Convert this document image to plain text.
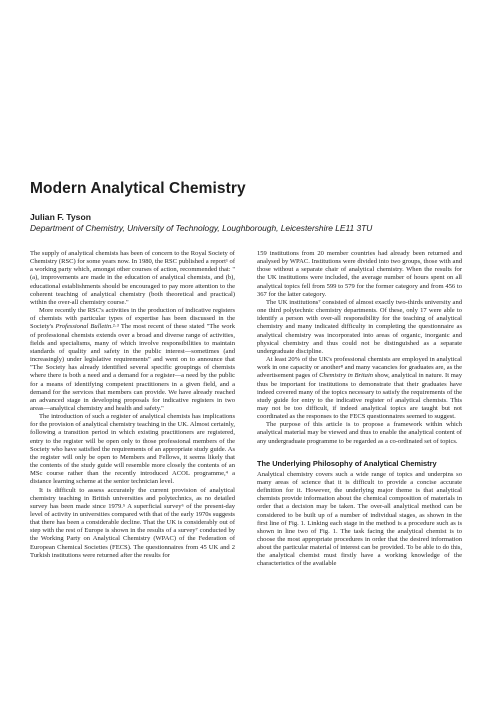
Modern Analytical Chemistry
Julian F. Tyson
Department of Chemistry, University of Technology, Loughborough, Leicestershire LE11 3TU

The supply of analytical chemists has been of concern to the Royal Society of Chemistry (RSC) for some years now. In 1980, the RSC published a report¹ of a working party which, amongst other courses of action, recommended that: "(a), improvements are made in the education of analytical chemists, and (b), educational establishments should be encouraged to pay more attention to the coherent teaching of analytical chemistry (both theoretical and practical) within the over-all chemistry course."

More recently the RSC's activities in the production of indicative registers of chemists with particular types of expertise has been discussed in the Society's Professional Bulletin.²·³ The most recent of these stated "The work of professional chemists extends over a broad and diverse range of activities, fields and specialisms, many of which involve responsibilities to maintain standards of quality and safety in the public interest—sometimes (and increasingly) under legislative requirements" and went on to announce that "The Society has already identified several specific groupings of chemists where there is both a need and a demand for a register—a need by the public for a means of identifying competent practitioners in a given field, and a demand for the services that members can provide. We have already reached an advanced stage in developing proposals for indicative registers in two areas—analytical chemistry and health and safety."

The introduction of such a register of analytical chemists has implications for the provision of analytical chemistry teaching in the UK. Almost certainly, following a transition period in which existing practitioners are registered, entry to the register will be open only to those professional members of the Society who have satisfied the requirements of an appropriate study guide. As the register will only be open to Members and Fellows, it seems likely that the contents of the study guide will resemble more closely the contents of an MSc course rather than the recently introduced ACOL programme,⁴ a distance learning scheme at the senior technician level.

It is difficult to assess accurately the current provision of analytical chemistry teaching in British universities and polytechnics, as no detailed survey has been made since 1979.⁵ A superficial survey⁶ of the present-day level of activity in universities compared with that of the early 1970s suggests that there has been a considerable decline. That the UK is considerably out of step with the rest of Europe is shown in the results of a survey⁷ conducted by the Working Party on Analytical Chemistry (WPAC) of the Federation of European Chemical Societies (FECS). The questionnaires from 45 UK and 2 Turkish institutions were returned after the results for

159 institutions from 20 member countries had already been returned and analysed by WPAC. Institutions were divided into two groups, those with and those without a separate chair of analytical chemistry. When the results for the UK institutions were included, the average number of hours spent on all analytical topics fell from 599 to 579 for the former category and from 456 to 367 for the latter category.

The UK institutions⁷ consisted of almost exactly two-thirds university and one third polytechnic chemistry departments. Of these, only 17 were able to identify a person with over-all responsibility for the teaching of analytical chemistry and many indicated difficulty in completing the questionnaire as analytical chemistry was incorporated into areas of organic, inorganic and physical chemistry and thus could not be distinguished as a separate undergraduate discipline.

At least 20% of the UK's professional chemists are employed in analytical work in one capacity or another⁸ and many vacancies for graduates are, as the advertisement pages of Chemistry in Britain show, analytical in nature. It may thus be important for institutions to demonstrate that their graduates have indeed covered many of the topics necessary to satisfy the requirements of the study guide for entry to the indicative register of analytical chemists. This may not be too difficult, if indeed analytical topics are taught but not coordinated as the responses to the FECS questionnaires seemed to suggest.

The purpose of this article is to propose a framework within which analytical material may be viewed and thus to enable the analytical content of any undergraduate programme to be regarded as a co-ordinated set of topics.

The Underlying Philosophy of Analytical Chemistry

Analytical chemistry covers such a wide range of topics and underpins so many areas of science that it is difficult to provide a concise accurate definition for it. However, the underlying major theme is that analytical chemists provide information about the chemical composition of materials in order that a decision may be taken. The over-all analytical method can be considered to be built up of a number of individual stages, as shown in the first line of Fig. 1. Linking each stage in the method is a procedure such as is shown in line two of Fig. 1. The task facing the analytical chemist is to choose the most appropriate procedures in order that the desired information about the particular material of interest can be provided. To be able to do this, the analytical chemist must firstly have a working knowledge of the characteristics of the available
